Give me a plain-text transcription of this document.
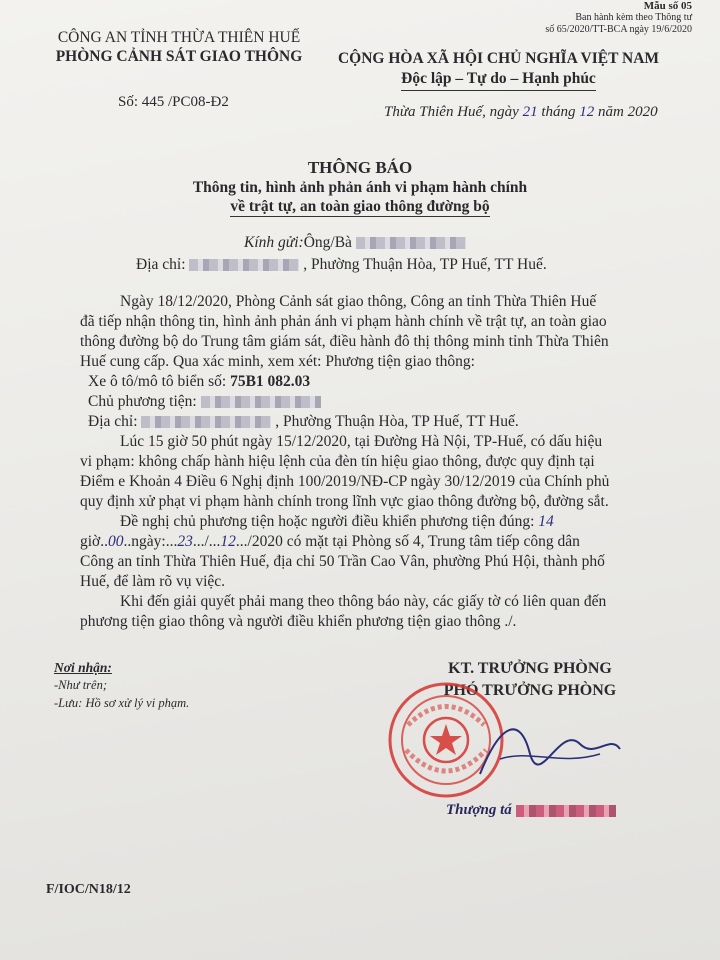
Mẫu số 05
Ban hành kèm theo Thông tư
số 65/2020/TT-BCA ngày 19/6/2020
CÔNG AN TỈNH THỪA THIÊN HUẾ
PHÒNG CẢNH SÁT GIAO THÔNG
Số: 445 /PC08-Đ2
CỘNG HÒA XÃ HỘI CHỦ NGHĨA VIỆT NAM
Độc lập – Tự do – Hạnh phúc
Thừa Thiên Huế, ngày 21 tháng 12 năm 2020
THÔNG BÁO
Thông tin, hình ảnh phản ánh vi phạm hành chính
về trật tự, an toàn giao thông đường bộ
Kính gửi:Ông/Bà
Địa chỉ:	, Phường Thuận Hòa, TP Huế, TT Huế.
Ngày 18/12/2020, Phòng Cảnh sát giao thông, Công an tỉnh Thừa Thiên Huế
đã tiếp nhận thông tin, hình ảnh phản ánh vi phạm hành chính về trật tự, an toàn giao
thông đường bộ do Trung tâm giám sát, điều hành đô thị thông minh tỉnh Thừa Thiên
Huế cung cấp. Qua xác minh, xem xét: Phương tiện giao thông:
Xe ô tô/mô tô biển số: 75B1 082.03
Chủ phương tiện:
Địa chỉ:	, Phường Thuận Hòa, TP Huế, TT Huế.
Lúc 15 giờ 50 phút ngày 15/12/2020, tại Đường Hà Nội, TP-Huế, có dấu hiệu
vi phạm: không chấp hành hiệu lệnh của đèn tín hiệu giao thông, được quy định tại
Điểm e Khoản 4 Điều 6 Nghị định 100/2019/NĐ-CP ngày 30/12/2019 của Chính phủ
quy định xử phạt vi phạm hành chính trong lĩnh vực giao thông đường bộ, đường sắt.
Đề nghị chủ phương tiện hoặc người điều khiển phương tiện đúng: 14
giờ..00..ngày:...23.../...12.../2020 có mặt tại Phòng số 4, Trung tâm tiếp công dân
Công an tỉnh Thừa Thiên Huế, địa chỉ 50 Trần Cao Vân, phường Phú Hội, thành phố
Huế, để làm rõ vụ việc.
Khi đến giải quyết phải mang theo thông báo này, các giấy tờ có liên quan đến
phương tiện giao thông và người điều khiển phương tiện giao thông ./.
Nơi nhận:
-Như trên;
-Lưu: Hồ sơ xử lý vi phạm.
KT. TRƯỞNG PHÒNG
PHÓ TRƯỞNG PHÒNG
Thượng tá
F/IOC/N18/12
